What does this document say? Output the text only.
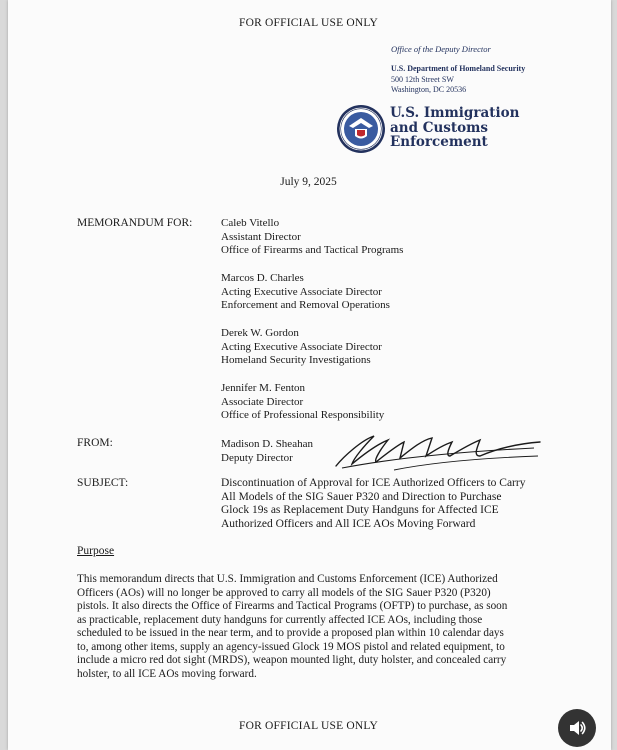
FOR OFFICIAL USE ONLY
Office of the Deputy Director
U.S. Department of Homeland Security
500 12th Street SW
Washington, DC 20536
U.S. Immigration
and Customs
Enforcement
July 9, 2025
MEMORANDUM FOR:	Caleb Vitello
Assistant Director
Office of Firearms and Tactical Programs
Marcos D. Charles
Acting Executive Associate Director
Enforcement and Removal Operations
Derek W. Gordon
Acting Executive Associate Director
Homeland Security Investigations
Jennifer M. Fenton
Associate Director
Office of Professional Responsibility
FROM:	Madison D. Sheahan
Deputy Director
SUBJECT:	Discontinuation of Approval for ICE Authorized Officers to Carry
All Models of the SIG Sauer P320 and Direction to Purchase
Glock 19s as Replacement Duty Handguns for Affected ICE
Authorized Officers and All ICE AOs Moving Forward
Purpose
This memorandum directs that U.S. Immigration and Customs Enforcement (ICE) Authorized
Officers (AOs) will no longer be approved to carry all models of the SIG Sauer P320 (P320)
pistols. It also directs the Office of Firearms and Tactical Programs (OFTP) to purchase, as soon
as practicable, replacement duty handguns for currently affected ICE AOs, including those
scheduled to be issued in the near term, and to provide a proposed plan within 10 calendar days
to, among other items, supply an agency-issued Glock 19 MOS pistol and related equipment, to
include a micro red dot sight (MRDS), weapon mounted light, duty holster, and concealed carry
holster, to all ICE AOs moving forward.
FOR OFFICIAL USE ONLY
